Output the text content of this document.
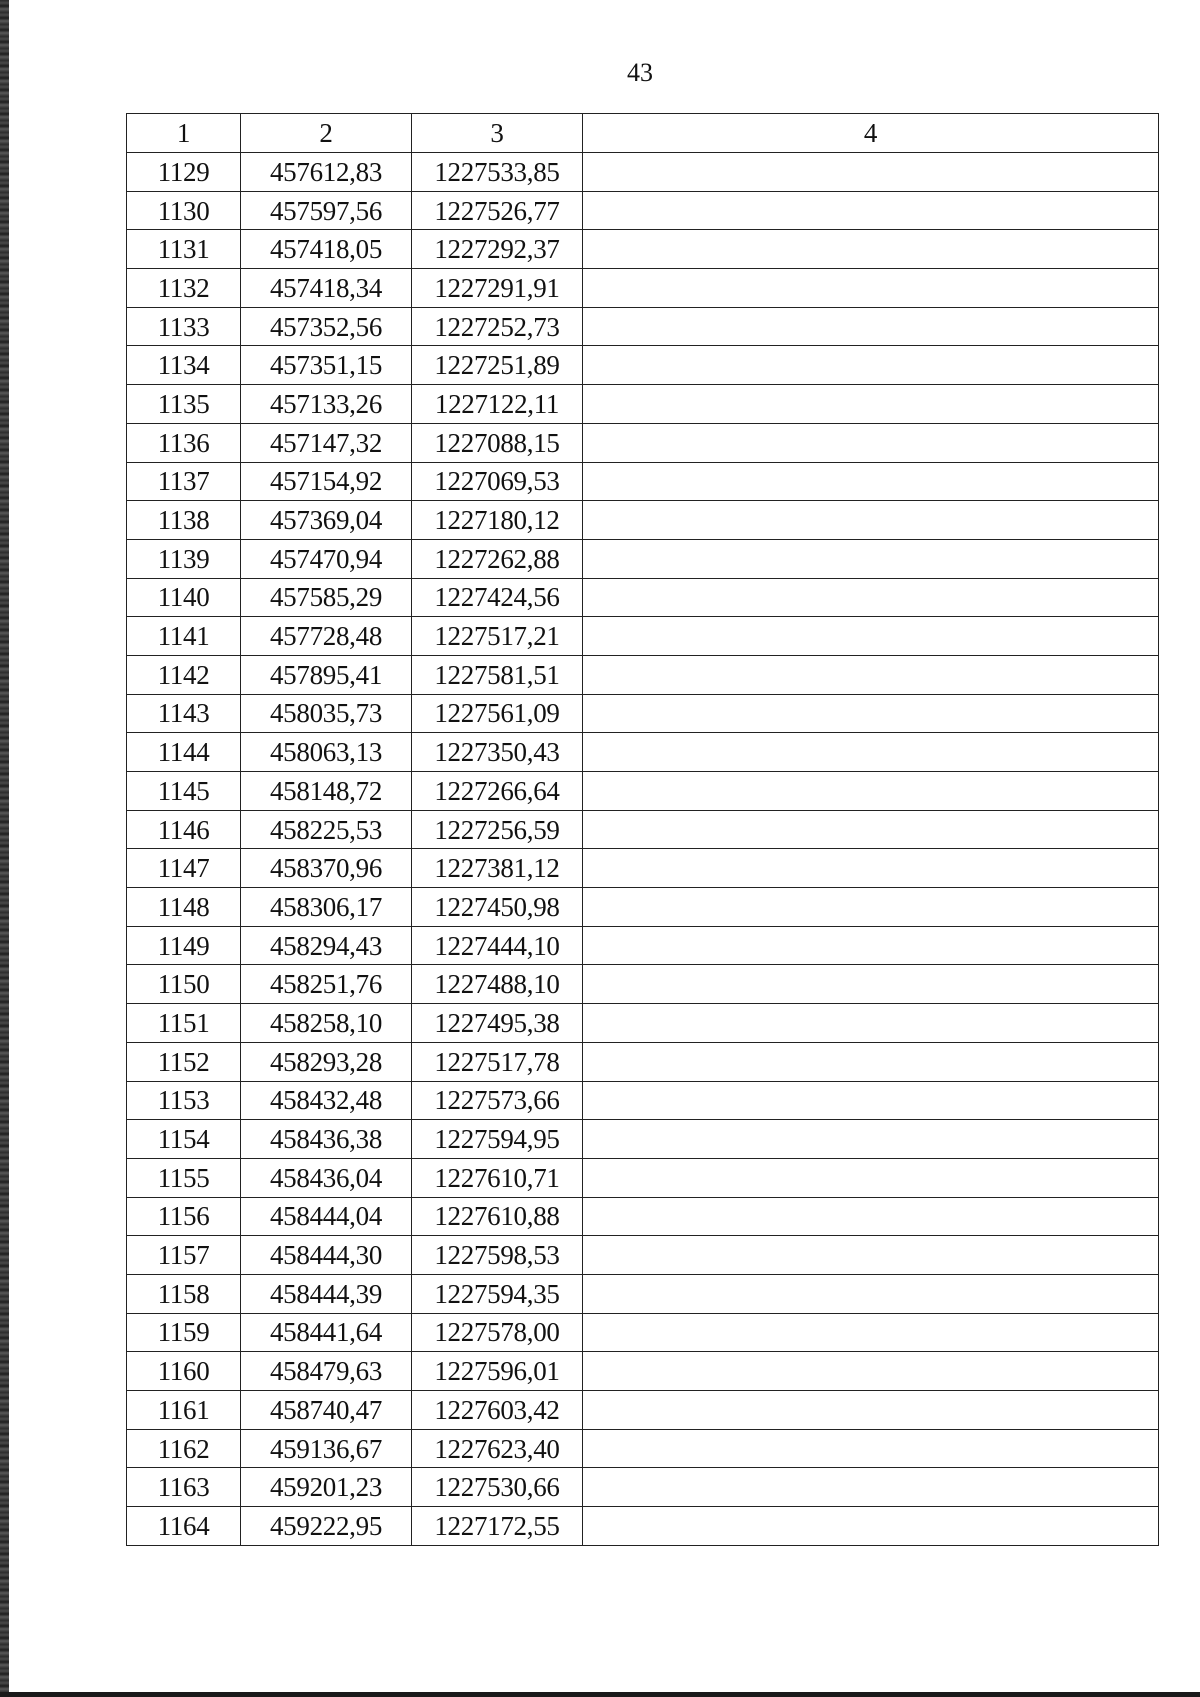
43
1	2	3	4
1129	457612,83	1227533,85	
1130	457597,56	1227526,77	
1131	457418,05	1227292,37	
1132	457418,34	1227291,91	
1133	457352,56	1227252,73	
1134	457351,15	1227251,89	
1135	457133,26	1227122,11	
1136	457147,32	1227088,15	
1137	457154,92	1227069,53	
1138	457369,04	1227180,12	
1139	457470,94	1227262,88	
1140	457585,29	1227424,56	
1141	457728,48	1227517,21	
1142	457895,41	1227581,51	
1143	458035,73	1227561,09	
1144	458063,13	1227350,43	
1145	458148,72	1227266,64	
1146	458225,53	1227256,59	
1147	458370,96	1227381,12	
1148	458306,17	1227450,98	
1149	458294,43	1227444,10	
1150	458251,76	1227488,10	
1151	458258,10	1227495,38	
1152	458293,28	1227517,78	
1153	458432,48	1227573,66	
1154	458436,38	1227594,95	
1155	458436,04	1227610,71	
1156	458444,04	1227610,88	
1157	458444,30	1227598,53	
1158	458444,39	1227594,35	
1159	458441,64	1227578,00	
1160	458479,63	1227596,01	
1161	458740,47	1227603,42	
1162	459136,67	1227623,40	
1163	459201,23	1227530,66	
1164	459222,95	1227172,55	
